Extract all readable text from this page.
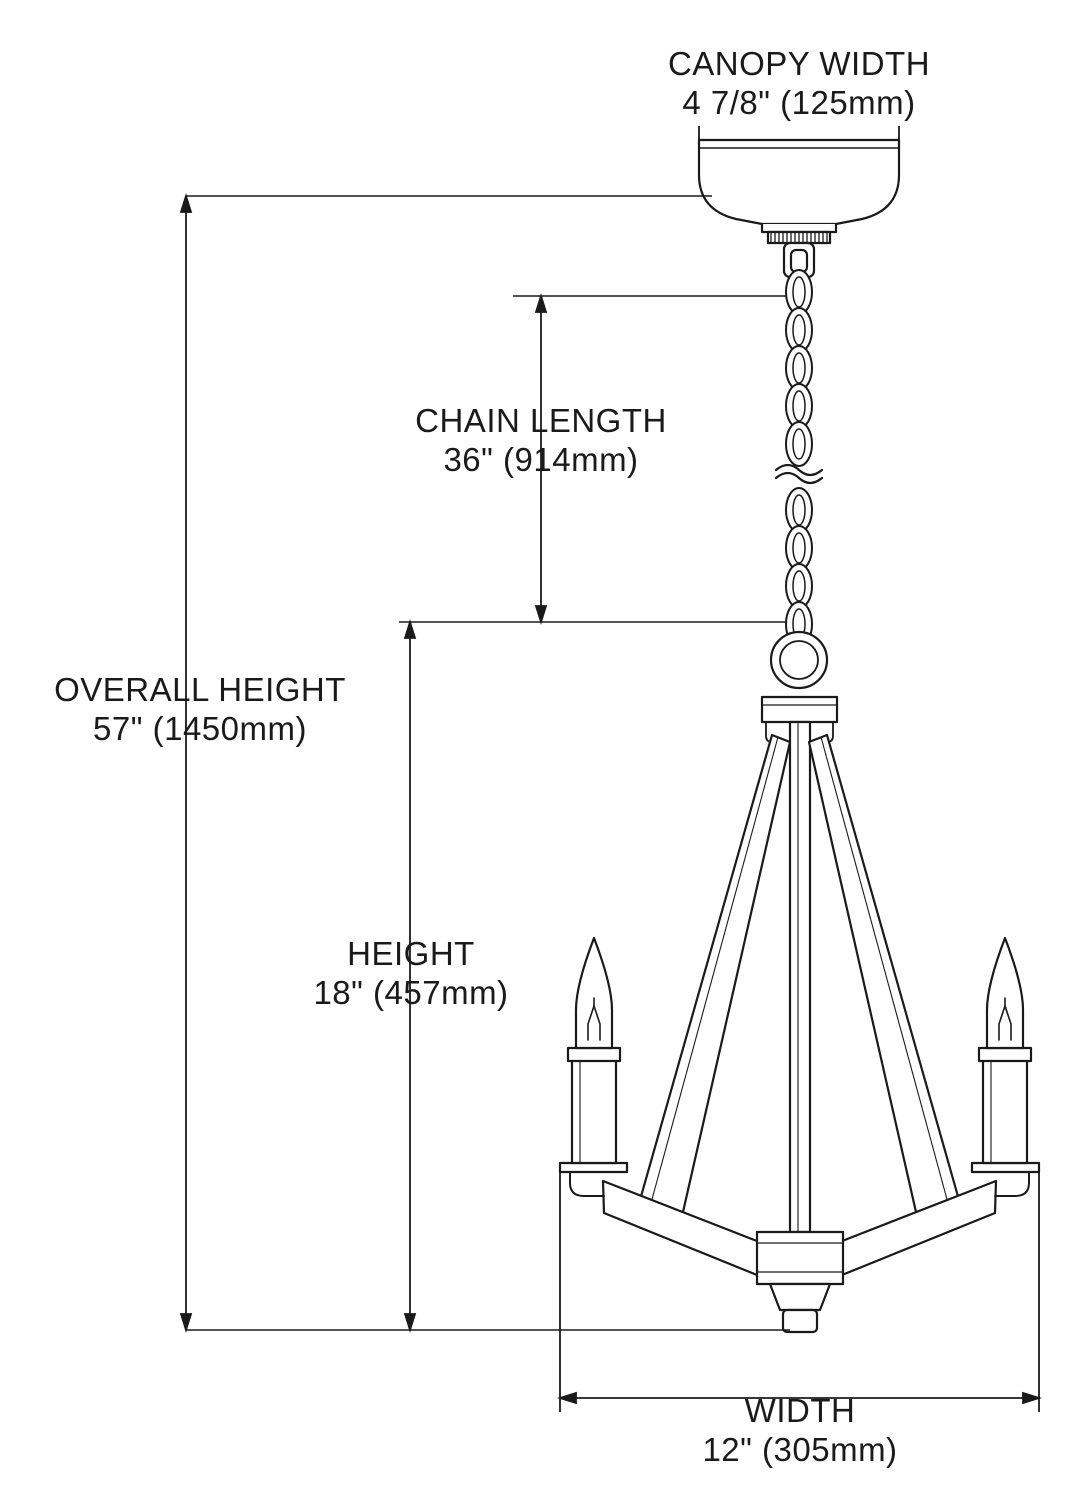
CANOPY WIDTH
4 7/8" (125mm)
CHAIN LENGTH
36" (914mm)
OVERALL HEIGHT
57" (1450mm)
HEIGHT
18" (457mm)
WIDTH
12" (305mm)
